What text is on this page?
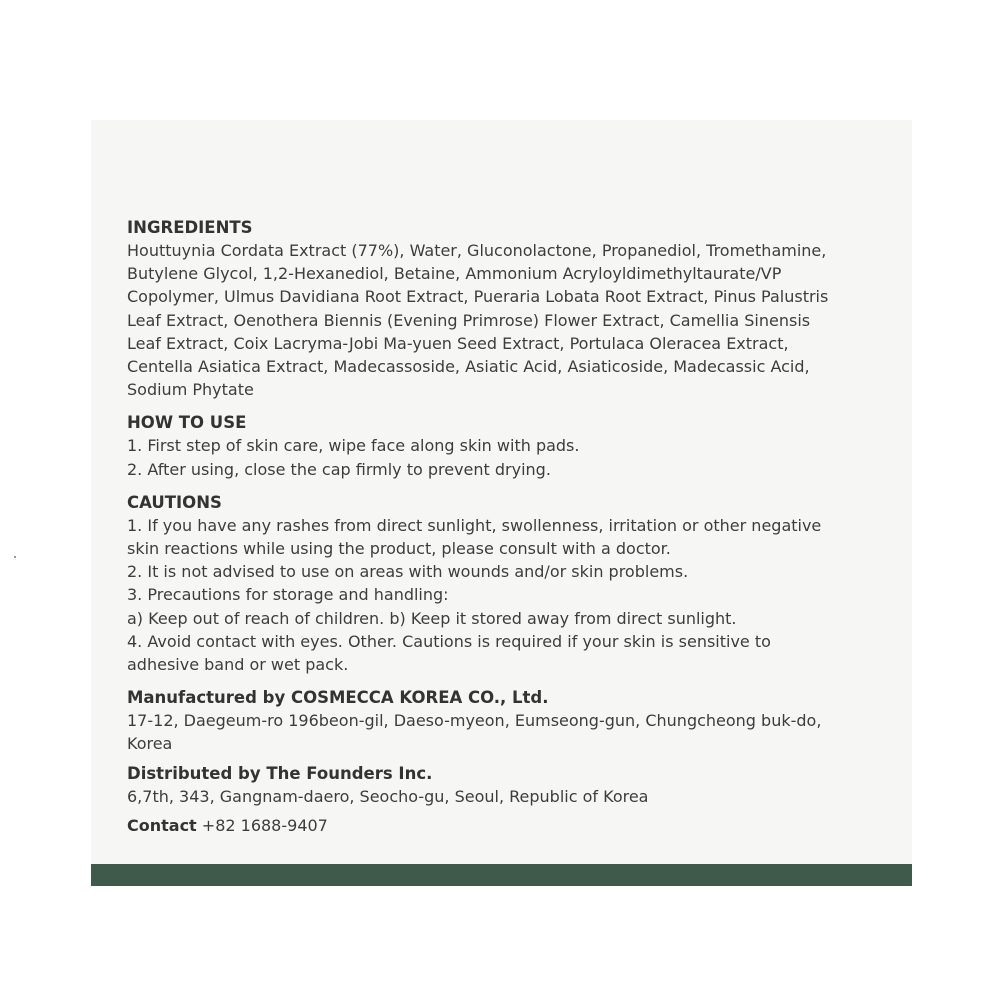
INGREDIENTS

Houttuynia Cordata Extract (77%), Water, Gluconolactone, Propanediol, Tromethamine,

Butylene Glycol, 1,2-Hexanediol, Betaine, Ammonium Acryloyldimethyltaurate/VP

Copolymer, Ulmus Davidiana Root Extract, Pueraria Lobata Root Extract, Pinus Palustris

Leaf Extract, Oenothera Biennis (Evening Primrose) Flower Extract, Camellia Sinensis

Leaf Extract, Coix Lacryma-Jobi Ma-yuen Seed Extract, Portulaca Oleracea Extract,

Centella Asiatica Extract, Madecassoside, Asiatic Acid, Asiaticoside, Madecassic Acid,

Sodium Phytate

HOW TO USE

1. First step of skin care, wipe face along skin with pads.

2. After using, close the cap firmly to prevent drying.

CAUTIONS

1. If you have any rashes from direct sunlight, swollenness, irritation or other negative

skin reactions while using the product, please consult with a doctor.

2. It is not advised to use on areas with wounds and/or skin problems.

3. Precautions for storage and handling:

a) Keep out of reach of children. b) Keep it stored away from direct sunlight.

4. Avoid contact with eyes. Other. Cautions is required if your skin is sensitive to

adhesive band or wet pack.

Manufactured by COSMECCA KOREA CO., Ltd.

17-12, Daegeum-ro 196beon-gil, Daeso-myeon, Eumseong-gun, Chungcheong buk-do,

Korea

Distributed by The Founders Inc.

6,7th, 343, Gangnam-daero, Seocho-gu, Seoul, Republic of Korea

Contact +82 1688-9407
